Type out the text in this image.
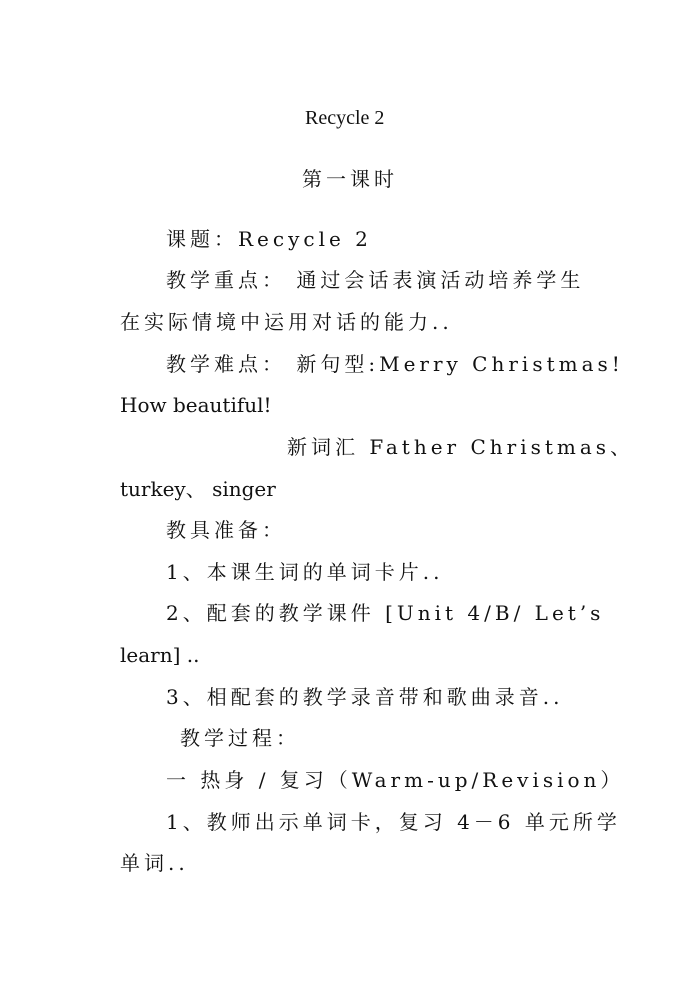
Recycle 2
第一课时
课题：Recycle 2
教学重点： 通过会话表演活动培养学生
在实际情境中运用对话的能力..
教学难点： 新句型:Merry Christmas!
How beautiful!
新词汇 Father Christmas、
turkey、 singer
教具准备：
1、本课生词的单词卡片..
2、配套的教学课件 [Unit 4/B/ Let’s
learn] ..
3、相配套的教学录音带和歌曲录音..
教学过程：
一 热身 / 复习（Warm-up/Revision）
1、教师出示单词卡，复习 4－6 单元所学
单词..
